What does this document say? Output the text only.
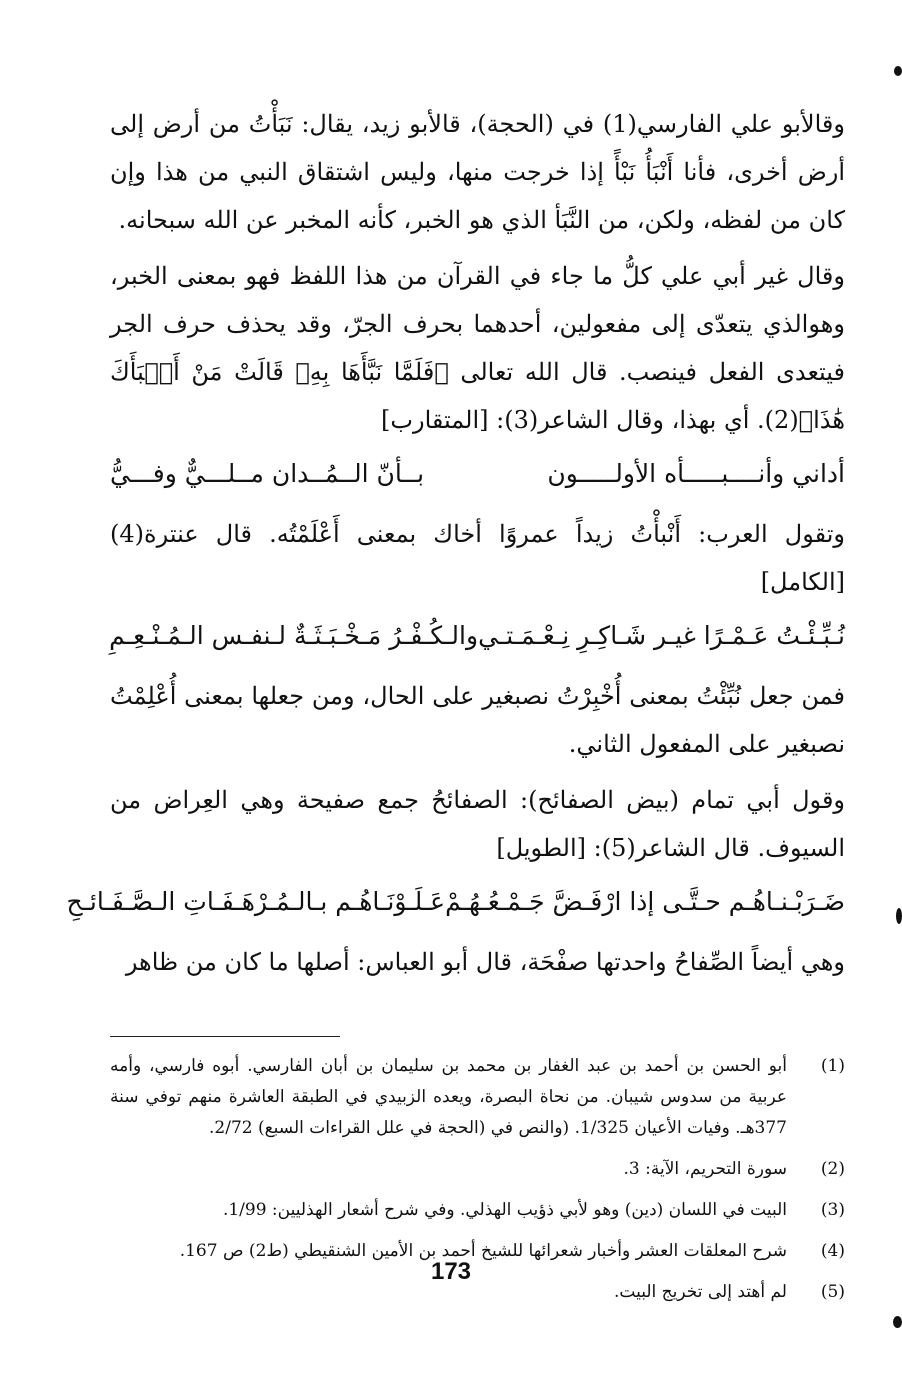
وقالأبو علي الفارسي(1) في (الحجة)، قالأبو زيد، يقال: نَبَأْتُ من أرض إلى أرض أخرى، فأنا أَنْبَأُ نَبْأً إذا خرجت منها، وليس اشتقاق النبي من هذا وإن كان من لفظه، ولكن، من النَّبَأ الذي هو الخبر، كأنه المخبر عن الله سبحانه.

وقال غير أبي علي كلُّ ما جاء في القرآن من هذا اللفظ فهو بمعنى الخبر، وهوالذي يتعدّى إلى مفعولين، أحدهما بحرف الجرّ، وقد يحذف حرف الجر فيتعدى الفعل فينصب. قال الله تعالى ﴿فَلَمَّا نَبَّأَهَا بِهِۦ قَالَتْ مَنْ أَنۢبَأَكَ هَٰذَا﴾(2). أي بهذا، وقال الشاعر(3): [المتقارب]

أداني وأنــــبـــــأه الأولـــــون
بــأنّ الــمُــدان مــلـــيٌّ وفـــيُّ

وتقول العرب: أَنْبأْتُ زيداً عمروًا أخاك بمعنى أَعْلَمْتُه. قال عنترة(4) [الكامل]

نُـبِّـئْـتُ عَـمْـرًا غيـر شَـاكِـرِ نِـعْـمَـتـي
والـكُـفْـرُ مَـخْـبَـثَـةٌ لـنفـس الـمُـنْـعِـمِ

فمن جعل نُبِّئْتُ بمعنى أُخْبِرْتُ نصبغير على الحال، ومن جعلها بمعنى أُعْلِمْتُ نصبغير على المفعول الثاني.

وقول أبي تمام (بيض الصفائح): الصفائحُ جمع صفيحة وهي العِراض من السيوف. قال الشاعر(5): [الطويل]

ضَـرَبْـنـاهُـم حـتَّـى إذا ارْفَـضَّ جَـمْـعُـهُـمْ
عَـلَـوْنَـاهُـم بـالـمُـرْهَـفَـاتِ الـصَّـفَـائـحِ

وهي أيضاً الصِّفاحُ واحدتها صفْحَة، قال أبو العباس: أصلها ما كان من ظاهر

(1)
أبو الحسن بن أحمد بن عبد الغفار بن محمد بن سليمان بن أبان الفارسي. أبوه فارسي، وأمه عربية من سدوس شيبان. من نحاة البصرة، ويعده الزبيدي في الطبقة العاشرة منهم توفي سنة 377هـ. وفيات الأعيان 1/325. (والنص في (الحجة في علل القراءات السبع) 2/72.
(2)
سورة التحريم، الآية: 3.
(3)
البيت في اللسان (دين) وهو لأبي ذؤيب الهذلي. وفي شرح أشعار الهذليين: 1/99.
(4)
شرح المعلقات العشر وأخبار شعرائها للشيخ أحمد بن الأمين الشنقيطي (ط2) ص 167.
(5)
لم أهتد إلى تخريج البيت.
173
